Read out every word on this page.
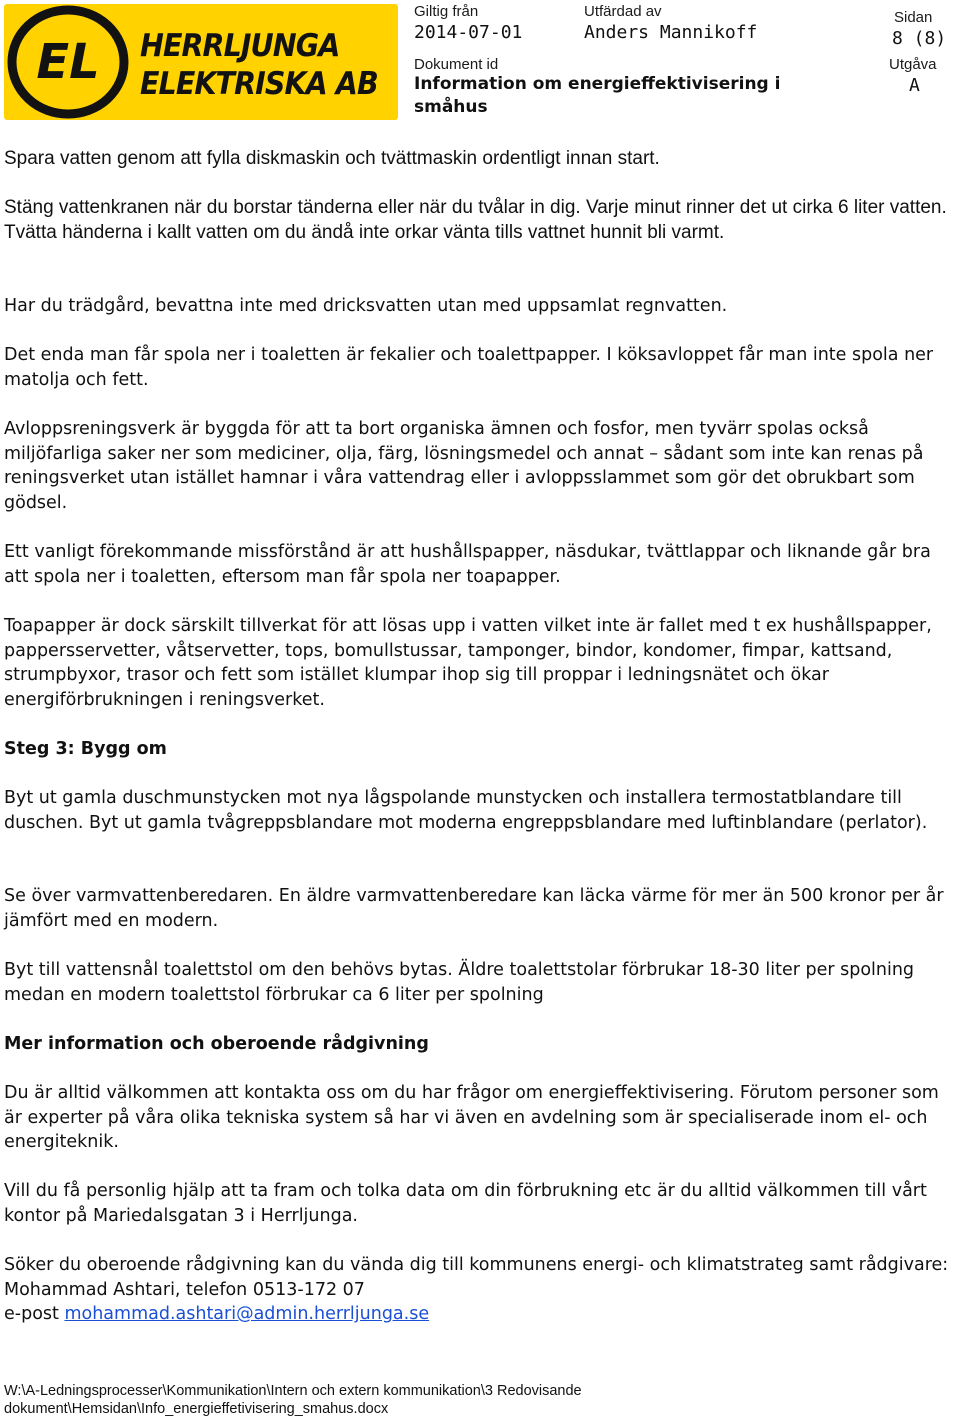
EL HERRLJUNGA
ELEKTRISKA AB
Giltig från
2014-07-01
Utfärdad av
Anders Mannikoff
Sidan
8 (8)
Dokument id
Information om energieffektivisering i småhus
Utgåva
A

Spara vatten genom att fylla diskmaskin och tvättmaskin ordentligt innan start.

Stäng vattenkranen när du borstar tänderna eller när du tvålar in dig. Varje minut rinner det ut cirka 6 liter vatten. Tvätta händerna i kallt vatten om du ändå inte orkar vänta tills vattnet hunnit bli varmt.

Har du trädgård, bevattna inte med dricksvatten utan med uppsamlat regnvatten.

Det enda man får spola ner i toaletten är fekalier och toalettpapper. I köksavloppet får man inte spola ner matolja och fett.

Avloppsreningsverk är byggda för att ta bort organiska ämnen och fosfor, men tyvärr spolas också miljöfarliga saker ner som mediciner, olja, färg, lösningsmedel och annat – sådant som inte kan renas på reningsverket utan istället hamnar i våra vattendrag eller i avloppsslammet som gör det obrukbart som gödsel.

Ett vanligt förekommande missförstånd är att hushållspapper, näsdukar, tvättlappar och liknande går bra att spola ner i toaletten, eftersom man får spola ner toapapper.

Toapapper är dock särskilt tillverkat för att lösas upp i vatten vilket inte är fallet med t ex hushållspapper, pappersservetter, våtservetter, tops, bomullstussar, tamponger, bindor, kondomer, fimpar, kattsand, strumpbyxor, trasor och fett som istället klumpar ihop sig till proppar i ledningsnätet och ökar energiförbrukningen i reningsverket.

Steg 3: Bygg om

Byt ut gamla duschmunstycken mot nya lågspolande munstycken och installera termostatblandare till duschen. Byt ut gamla tvågreppsblandare mot moderna engreppsblandare med luftinblandare (perlator).

Se över varmvattenberedaren. En äldre varmvattenberedare kan läcka värme för mer än 500 kronor per år jämfört med en modern.

Byt till vattensnål toalettstol om den behövs bytas. Äldre toalettstolar förbrukar 18-30 liter per spolning medan en modern toalettstol förbrukar ca 6 liter per spolning

Mer information och oberoende rådgivning

Du är alltid välkommen att kontakta oss om du har frågor om energieffektivisering. Förutom personer som är experter på våra olika tekniska system så har vi även en avdelning som är specialiserade inom el- och energiteknik.

Vill du få personlig hjälp att ta fram och tolka data om din förbrukning etc är du alltid välkommen till vårt kontor på Mariedalsgatan 3 i Herrljunga.

Söker du oberoende rådgivning kan du vända dig till kommunens energi- och klimatstrateg samt rådgivare: Mohammad Ashtari, telefon 0513-172 07
e-post mohammad.ashtari@admin.herrljunga.se

W:\A-Ledningsprocesser\Kommunikation\Intern och extern kommunikation\3 Redovisande dokument\Hemsidan\Info_energieffetivisering_smahus.docx
